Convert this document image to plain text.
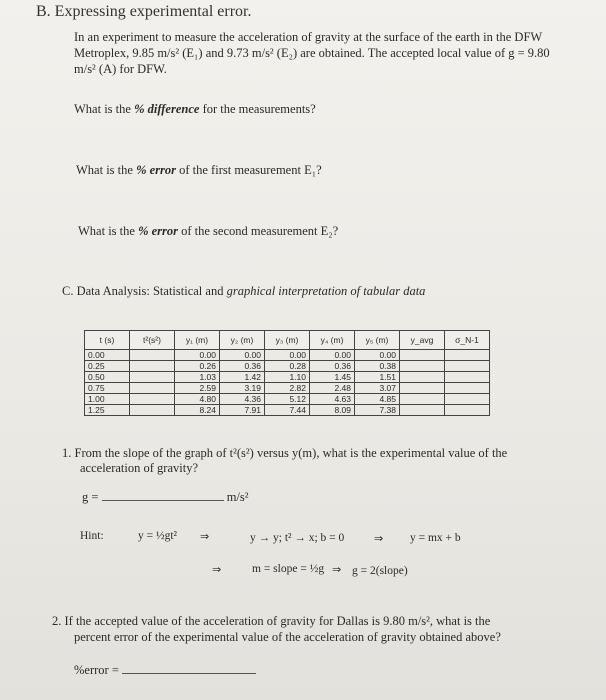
B. Expressing experimental error.
In an experiment to measure the acceleration of gravity at the surface of the earth in the DFW
Metroplex, 9.85 m/s² (E₁) and 9.73 m/s² (E₂) are obtained. The accepted local value of g = 9.80
m/s² (A) for DFW.
What is the % difference for the measurements?
What is the % error of the first measurement E₁?
What is the % error of the second measurement E₂?
C. Data Analysis: Statistical and graphical interpretation of tabular data
t (s)	t²(s²)	y₁ (m)	y₂ (m)	y₃ (m)	y₄ (m)	y₅ (m)	y_avg	σ_N-1
0.00		0.00	0.00	0.00	0.00	0.00		
0.25		0.26	0.36	0.28	0.36	0.38		
0.50		1.03	1.42	1.10	1.45	1.51		
0.75		2.59	3.19	2.82	2.48	3.07		
1.00		4.80	4.36	5.12	4.63	4.85		
1.25		8.24	7.91	7.44	8.09	7.38		
1. From the slope of the graph of t²(s²) versus y(m), what is the experimental value of the
acceleration of gravity?
g =	m/s²
Hint:	y = ½gt² ⇒	y → y; t² → x; b = 0	⇒ y = mx + b
⇒	m = slope = ½g ⇒ g = 2(slope)
2. If the accepted value of the acceleration of gravity for Dallas is 9.80 m/s², what is the
percent error of the experimental value of the acceleration of gravity obtained above?
%error =
